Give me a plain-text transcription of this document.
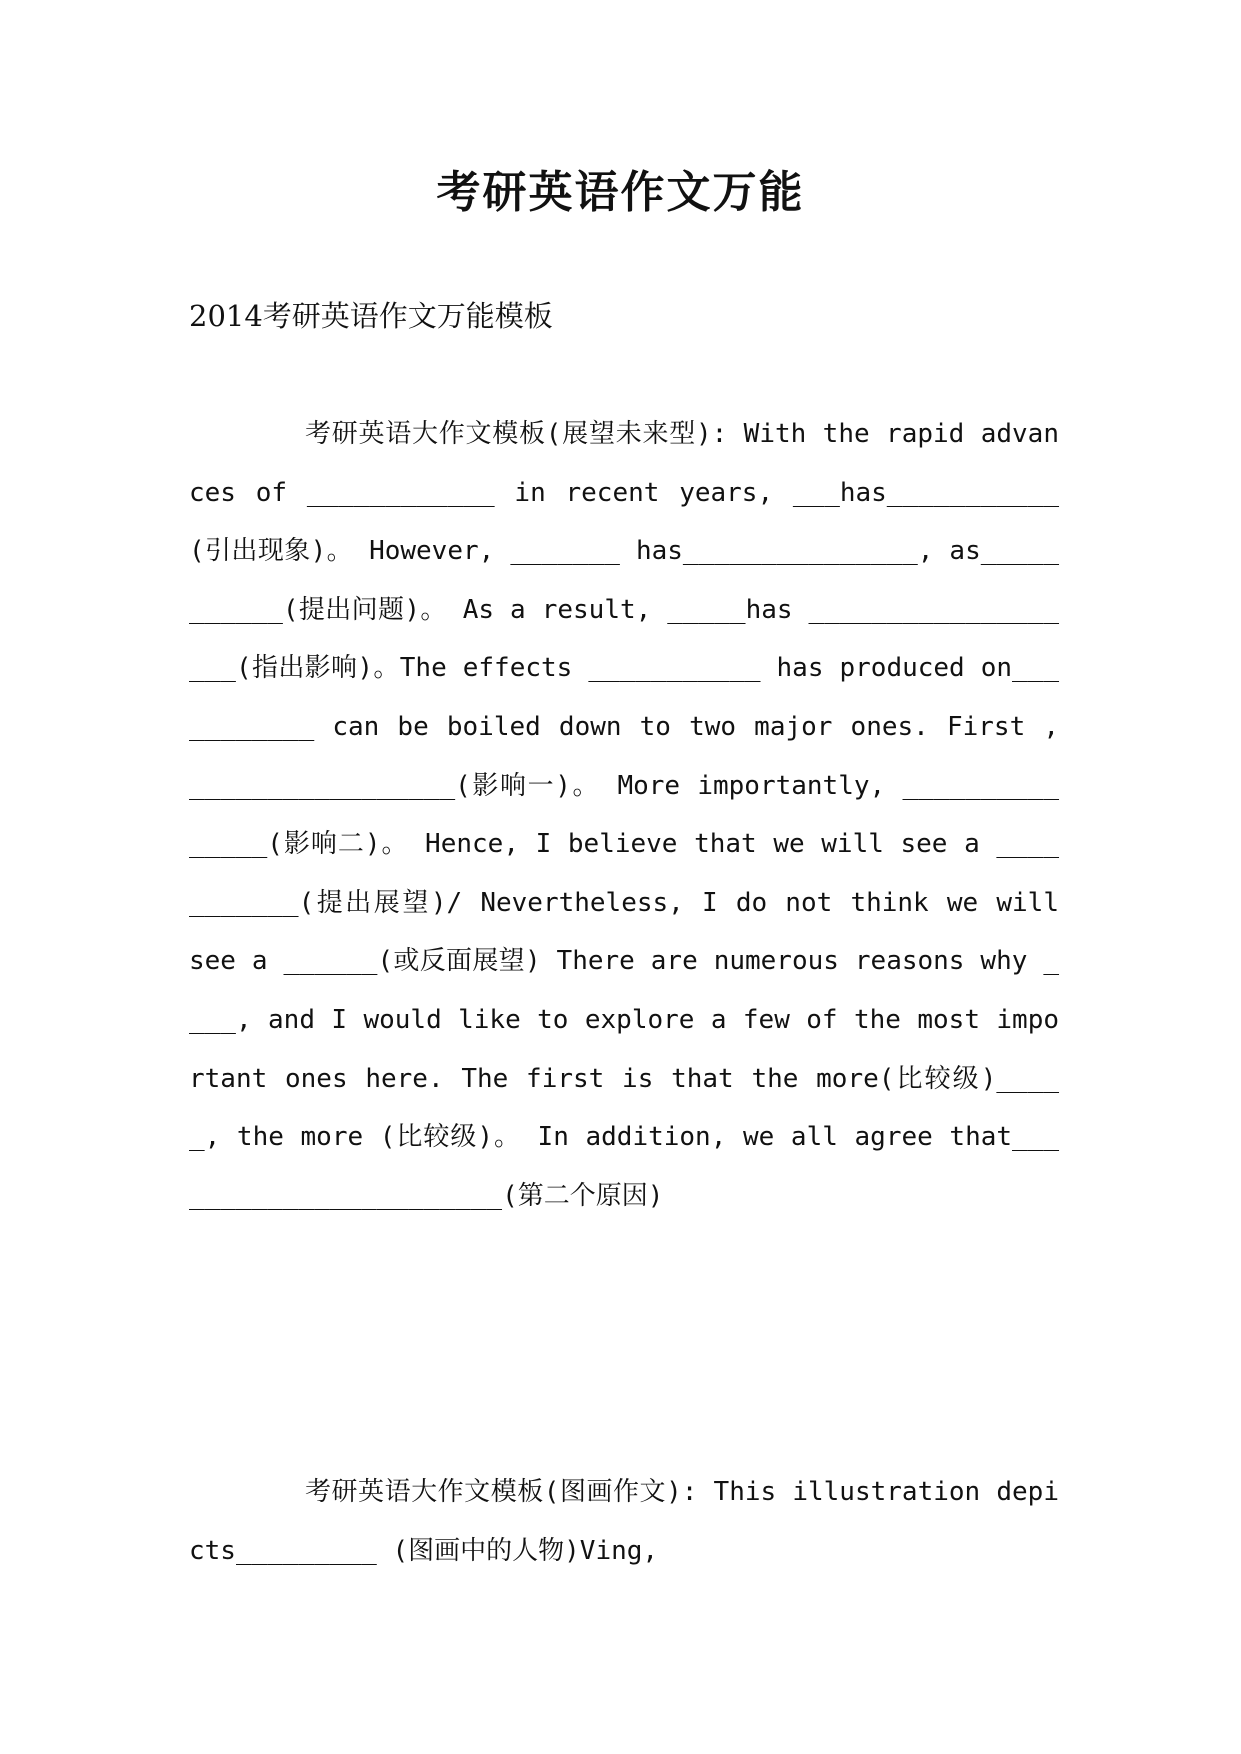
考研英语作文万能

2014考研英语作文万能模板

考研英语大作文模板(展望未来型): With the rapid advances of ____________ in recent years, ___has___________(引出现象)。 However, _______ has_______________, as___________(提出问题)。 As a result, _____has ___________________(指出影响)。The effects ___________ has produced on___________ can be boiled down to two major ones. First , _________________(影响一)。 More importantly, _______________(影响二)。 Hence, I believe that we will see a ___________(提出展望)/ Nevertheless, I do not think we will see a ______(或反面展望) There are numerous reasons why ____, and I would like to explore a few of the most important ones here. The first is that the more(比较级)_____, the more (比较级)。 In addition, we all agree that_______________________(第二个原因)

考研英语大作文模板(图画作文): This illustration depicts_________ (图画中的人物)Ving,
